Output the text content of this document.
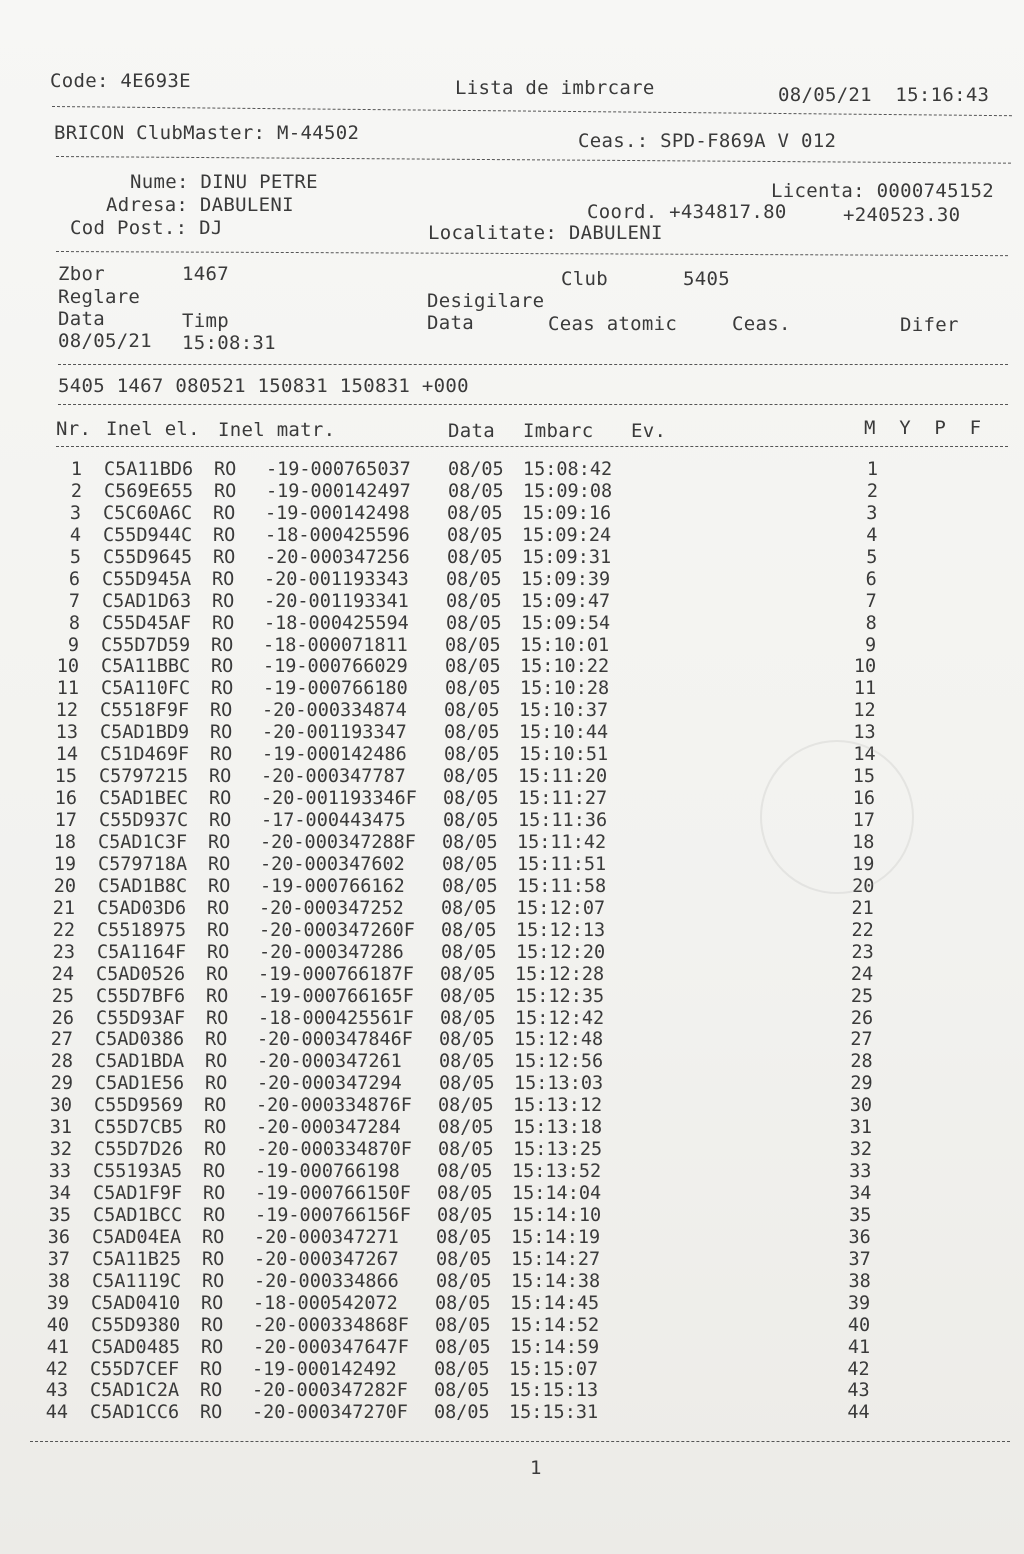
Code: 4E693E	Lista de imbrcare	08/05/21  15:16:43
BRICON ClubMaster: M-44502	Ceas.: SPD-F869A V 012
Nume: DINU PETRE
Adresa: DABULENI
Cod Post.: DJ
Licenta: 0000745152
Coord. +434817.80	+240523.30
Localitate: DABULENI
Zbor	1467	Club	5405
Reglare	Desigilare
Data	Timp	Data	Ceas atomic	Ceas.	Difer
08/05/21 15:08:31
5405 1467 080521 150831 150831 +000
Nr. Inel el. Inel matr.	Data Imbarc Ev.	M  Y  P  F
1 C5A11BD6 RO -19-000765037 08/05 15:08:42	1
2 C569E655 RO -19-000142497 08/05 15:09:08	2
3 C5C60A6C RO -19-000142498 08/05 15:09:16	3
4 C55D944C RO -18-000425596 08/05 15:09:24	4
5 C55D9645 RO -20-000347256 08/05 15:09:31	5
6 C55D945A RO -20-001193343 08/05 15:09:39	6
7 C5AD1D63 RO -20-001193341 08/05 15:09:47	7
8 C55D45AF RO -18-000425594 08/05 15:09:54	8
9 C55D7D59 RO -18-000071811 08/05 15:10:01	9
10 C5A11BBC RO -19-000766029 08/05 15:10:22	10
11 C5A110FC RO -19-000766180 08/05 15:10:28	11
12 C5518F9F RO -20-000334874 08/05 15:10:37	12
13 C5AD1BD9 RO -20-001193347 08/05 15:10:44	13
14 C51D469F RO -19-000142486 08/05 15:10:51	14
15 C5797215 RO -20-000347787 08/05 15:11:20	15
16 C5AD1BEC RO -20-001193346F 08/05 15:11:27	16
17 C55D937C RO -17-000443475 08/05 15:11:36	17
18 C5AD1C3F RO -20-000347288F 08/05 15:11:42	18
19 C579718A RO -20-000347602 08/05 15:11:51	19
20 C5AD1B8C RO -19-000766162 08/05 15:11:58	20
21 C5AD03D6 RO -20-000347252 08/05 15:12:07	21
22 C5518975 RO -20-000347260F 08/05 15:12:13	22
23 C5A1164F RO -20-000347286 08/05 15:12:20	23
24 C5AD0526 RO -19-000766187F 08/05 15:12:28	24
25 C55D7BF6 RO -19-000766165F 08/05 15:12:35	25
26 C55D93AF RO -18-000425561F 08/05 15:12:42	26
27 C5AD0386 RO -20-000347846F 08/05 15:12:48	27
28 C5AD1BDA RO -20-000347261 08/05 15:12:56	28
29 C5AD1E56 RO -20-000347294 08/05 15:13:03	29
30 C55D9569 RO -20-000334876F 08/05 15:13:12	30
31 C55D7CB5 RO -20-000347284 08/05 15:13:18	31
32 C55D7D26 RO -20-000334870F 08/05 15:13:25	32
33 C55193A5 RO -19-000766198 08/05 15:13:52	33
34 C5AD1F9F RO -19-000766150F 08/05 15:14:04	34
35 C5AD1BCC RO -19-000766156F 08/05 15:14:10	35
36 C5AD04EA RO -20-000347271 08/05 15:14:19	36
37 C5A11B25 RO -20-000347267 08/05 15:14:27	37
38 C5A1119C RO -20-000334866 08/05 15:14:38	38
39 C5AD0410 RO -18-000542072 08/05 15:14:45	39
40 C55D9380 RO -20-000334868F 08/05 15:14:52	40
41 C5AD0485 RO -20-000347647F 08/05 15:14:59	41
42 C55D7CEF RO -19-000142492 08/05 15:15:07	42
43 C5AD1C2A RO -20-000347282F 08/05 15:15:13	43
44 C5AD1CC6 RO -20-000347270F 08/05 15:15:31	44
1
